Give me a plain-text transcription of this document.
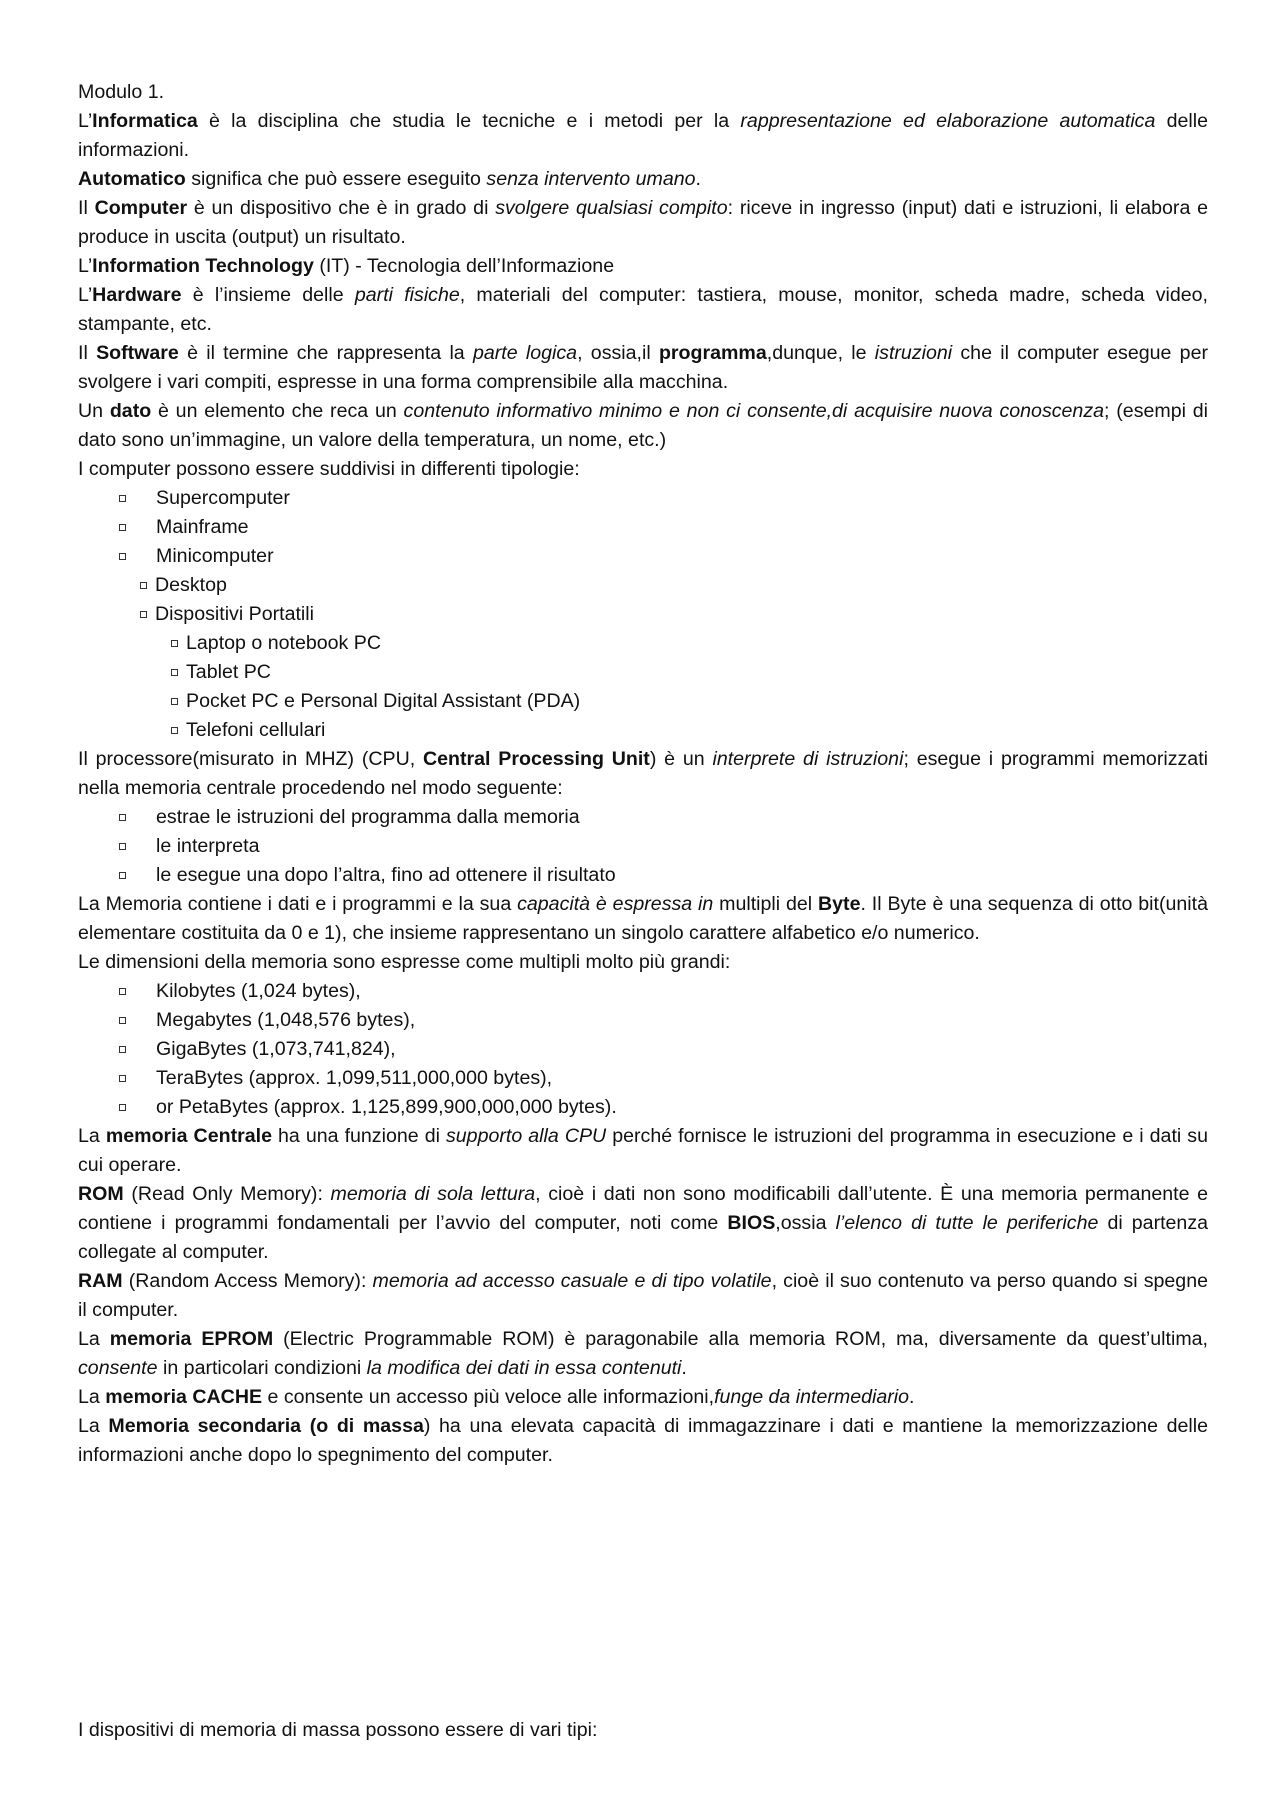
Modulo 1.

L’Informatica è la disciplina che studia le tecniche e i metodi per la rappresentazione ed elaborazione automatica delle informazioni.

Automatico significa che può essere eseguito senza intervento umano.

Il Computer è un dispositivo che è in grado di svolgere qualsiasi compito: riceve in ingresso (input) dati e istruzioni, li elabora e produce in uscita (output) un risultato.

L’Information Technology (IT) - Tecnologia dell’Informazione

L’Hardware è l’insieme delle parti fisiche, materiali del computer: tastiera, mouse, monitor, scheda madre, scheda video, stampante, etc.

Il Software è il termine che rappresenta la parte logica, ossia,il programma,dunque, le istruzioni che il computer esegue per svolgere i vari compiti, espresse in una forma comprensibile alla macchina.

Un dato è un elemento che reca un contenuto informativo minimo e non ci consente,di acquisire nuova conoscenza; (esempi di dato sono un’immagine, un valore della temperatura, un nome, etc.)

I computer possono essere suddivisi in differenti tipologie:

Supercomputer
Mainframe
Minicomputer
Desktop
Dispositivi Portatili
Laptop o notebook PC
Tablet PC
Pocket PC e Personal Digital Assistant (PDA)
Telefoni cellulari

Il processore(misurato in MHZ) (CPU, Central Processing Unit) è un interprete di istruzioni; esegue i programmi memorizzati nella memoria centrale procedendo nel modo seguente:

estrae le istruzioni del programma dalla memoria
le interpreta
le esegue una dopo l’altra, fino ad ottenere il risultato

La Memoria contiene i dati e i programmi e la sua capacità è espressa in multipli del Byte. Il Byte è una sequenza di otto bit(unità elementare costituita da 0 e 1), che insieme rappresentano un singolo carattere alfabetico e/o numerico.

Le dimensioni della memoria sono espresse come multipli molto più grandi:

Kilobytes (1,024 bytes),
Megabytes (1,048,576 bytes),
GigaBytes (1,073,741,824),
TeraBytes (approx. 1,099,511,000,000 bytes),
or PetaBytes (approx. 1,125,899,900,000,000 bytes).

La memoria Centrale ha una funzione di supporto alla CPU perché fornisce le istruzioni del programma in esecuzione e i dati su cui operare.

ROM (Read Only Memory): memoria di sola lettura, cioè i dati non sono modificabili dall’utente. È una memoria permanente e contiene i programmi fondamentali per l’avvio del computer, noti come BIOS,ossia l’elenco di tutte le periferiche di partenza collegate al computer.

RAM (Random Access Memory): memoria ad accesso casuale e di tipo volatile, cioè il suo contenuto va perso quando si spegne il computer.

La memoria EPROM (Electric Programmable ROM) è paragonabile alla memoria ROM, ma, diversamente da quest’ultima, consente in particolari condizioni la modifica dei dati in essa contenuti.

La memoria CACHE e consente un accesso più veloce alle informazioni,funge da intermediario.

La Memoria secondaria (o di massa) ha una elevata capacità di immagazzinare i dati e mantiene la memorizzazione delle informazioni anche dopo lo spegnimento del computer.

I dispositivi di memoria di massa possono essere di vari tipi:
